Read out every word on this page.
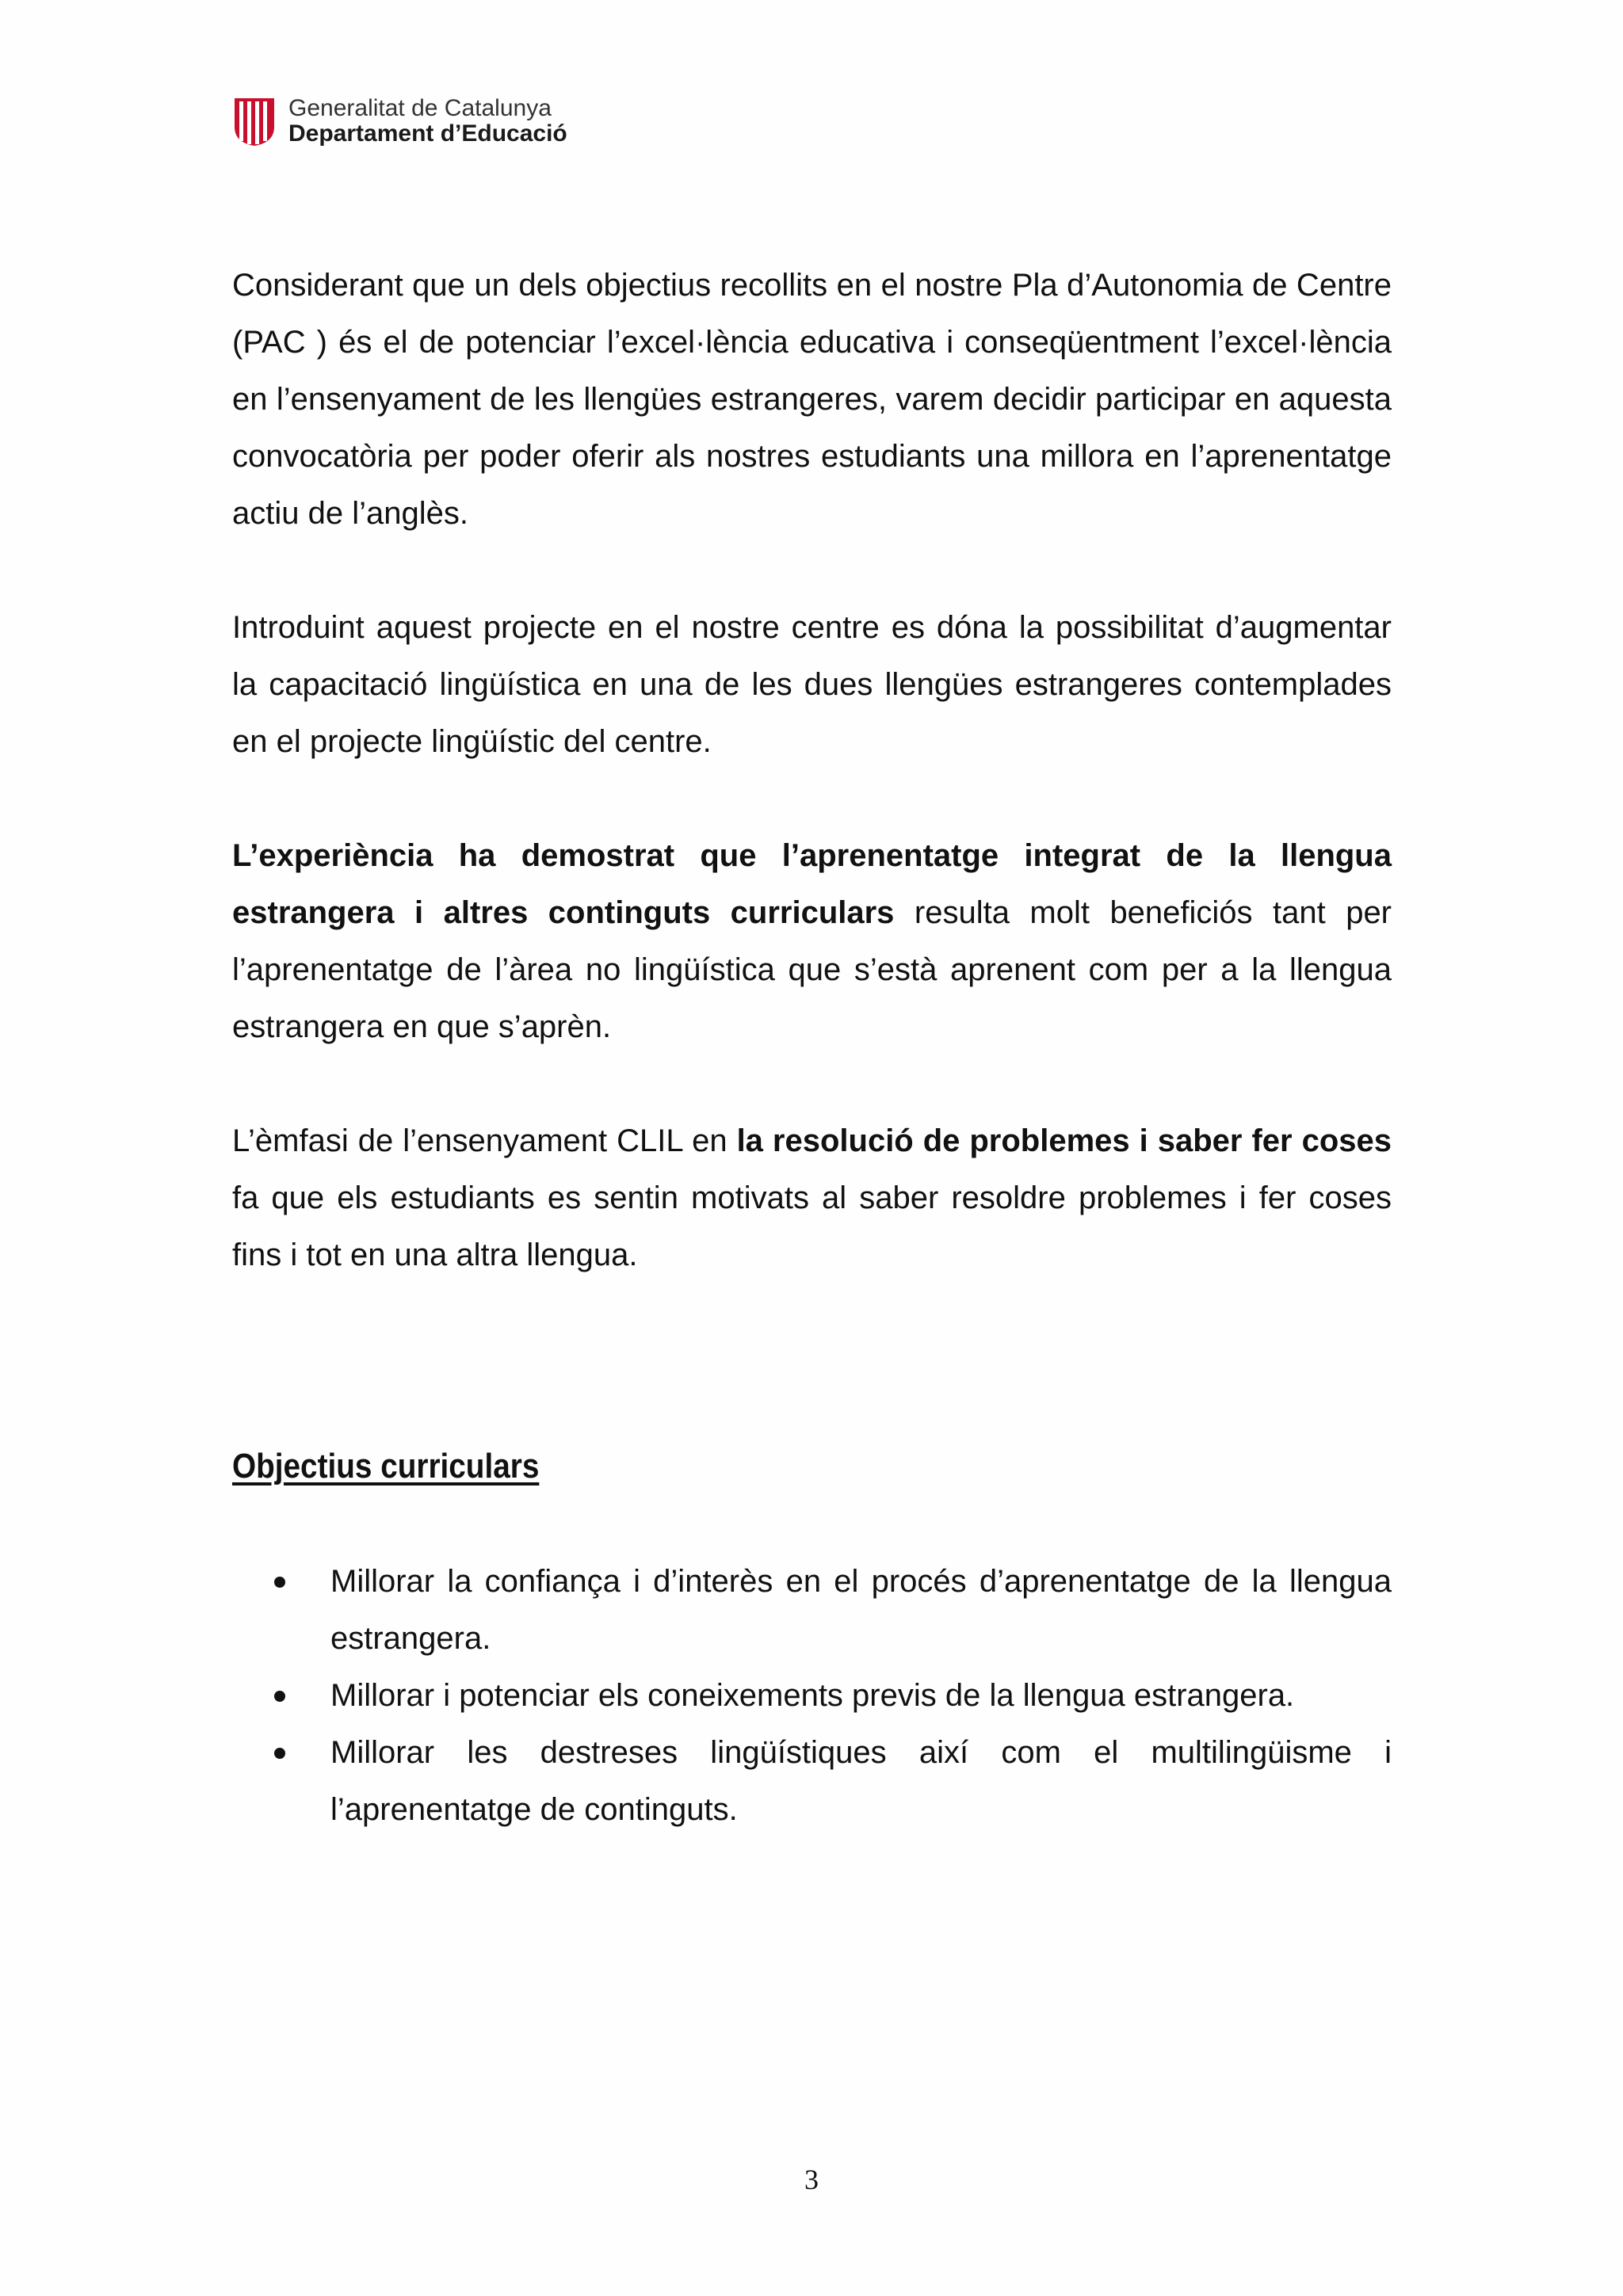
Generalitat de Catalunya
Departament d’Educació

Considerant que un dels objectius recollits en el nostre Pla d’Autonomia de Centre (PAC ) és el de potenciar l’excel·lència educativa i conseqüentment l’excel·lència en l’ensenyament de les llengües estrangeres, varem decidir participar en aquesta convocatòria per poder oferir als nostres estudiants una millora en l’aprenentatge actiu de l’anglès.

Introduint aquest projecte en el nostre centre es dóna la possibilitat d’augmentar la capacitació lingüística en una de les dues llengües estrangeres contemplades en el projecte lingüístic del centre.

L’experiència ha demostrat que l’aprenentatge integrat de la llengua estrangera i altres continguts curriculars resulta molt beneficiós tant per l’aprenentatge de l’àrea no lingüística que s’està aprenent com per a la llengua estrangera en que s’aprèn.

L’èmfasi de l’ensenyament CLIL en la resolució de problemes i saber fer coses fa que els estudiants es sentin motivats al saber resoldre problemes i fer coses fins i tot en una altra llengua.

Objectius curriculars
Millorar la confiança i d’interès en el procés d’aprenentatge de la llengua estrangera.
Millorar i potenciar els coneixements previs de la llengua estrangera.
Millorar les destreses lingüístiques així com el multilingüisme i l’aprenentatge de continguts.
3
